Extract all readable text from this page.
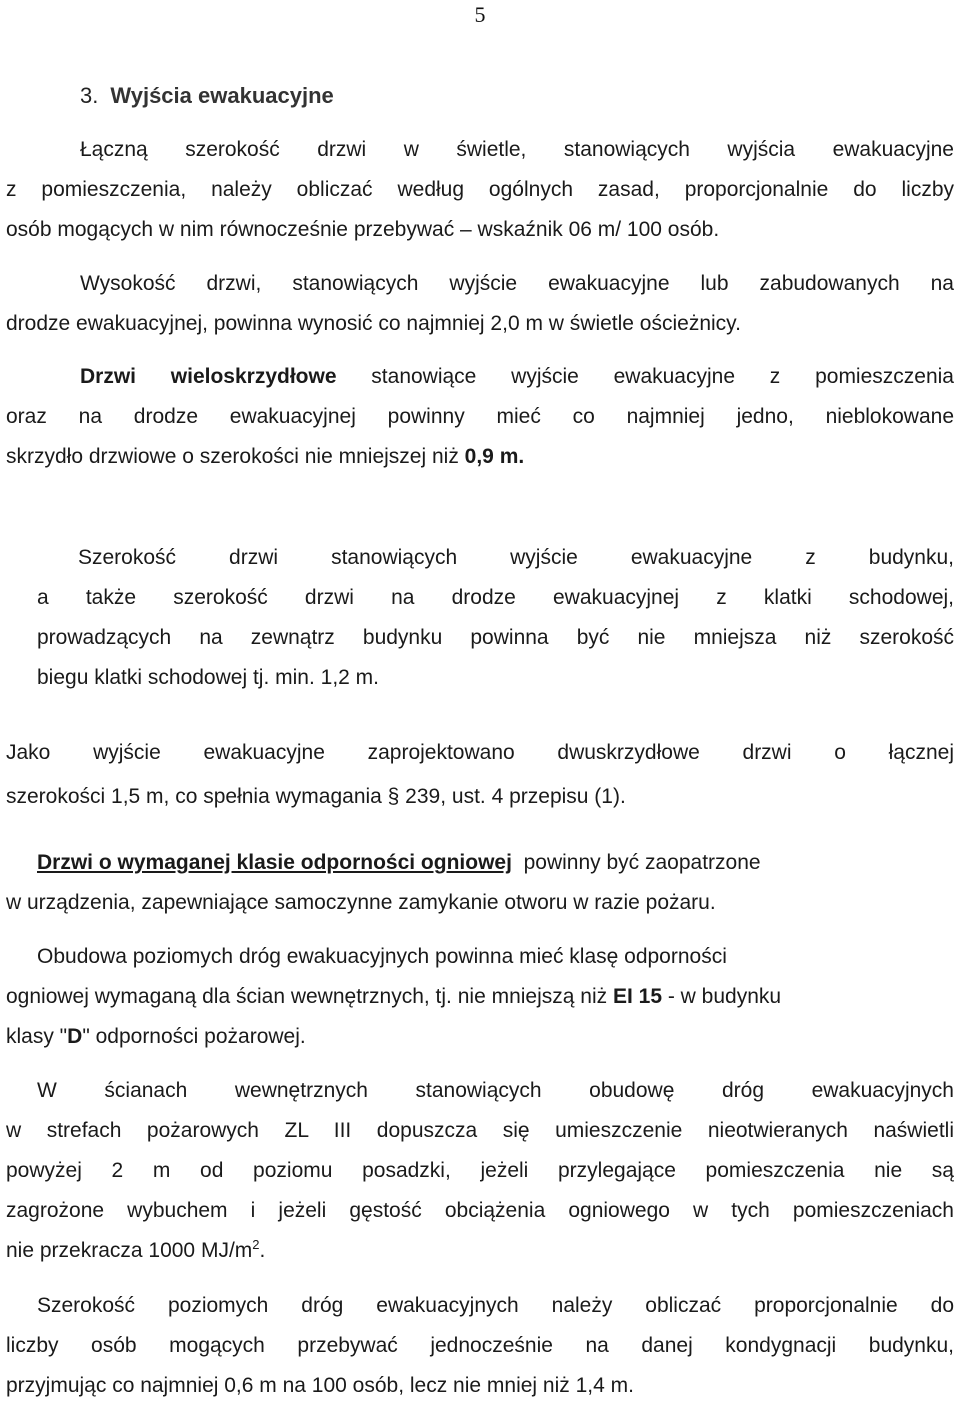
5
3. Wyjścia ewakuacyjne
Łączną szerokość drzwi w świetle, stanowiących wyjścia ewakuacyjne
z pomieszczenia, należy obliczać według ogólnych zasad, proporcjonalnie do liczby
osób mogących w nim równocześnie przebywać – wskaźnik 06 m/ 100 osób.
Wysokość drzwi, stanowiących wyjście ewakuacyjne lub zabudowanych na
drodze ewakuacyjnej, powinna wynosić co najmniej 2,0 m w świetle ościeżnicy.
Drzwi wieloskrzydłowe stanowiące wyjście ewakuacyjne z pomieszczenia
oraz na drodze ewakuacyjnej powinny mieć co najmniej jedno, nieblokowane
skrzydło drzwiowe o szerokości nie mniejszej niż 0,9 m.
Szerokość drzwi stanowiących wyjście ewakuacyjne z budynku,
a także szerokość drzwi na drodze ewakuacyjnej z klatki schodowej,
prowadzących na zewnątrz budynku powinna być nie mniejsza niż szerokość
biegu klatki schodowej tj. min. 1,2 m.
Jako wyjście ewakuacyjne zaprojektowano dwuskrzydłowe drzwi o łącznej
szerokości 1,5 m, co spełnia wymagania § 239, ust. 4 przepisu (1).
Drzwi o wymaganej klasie odporności ogniowej  powinny być zaopatrzone
w urządzenia, zapewniające samoczynne zamykanie otworu w razie pożaru.
Obudowa poziomych dróg ewakuacyjnych powinna mieć klasę odporności
ogniowej wymaganą dla ścian wewnętrznych, tj. nie mniejszą niż EI 15 - w budynku
klasy "D" odporności pożarowej.
W ścianach wewnętrznych stanowiących obudowę dróg ewakuacyjnych
w strefach pożarowych ZL III dopuszcza się umieszczenie nieotwieranych naświetli
powyżej 2 m od poziomu posadzki, jeżeli przylegające pomieszczenia nie są
zagrożone wybuchem i jeżeli gęstość obciążenia ogniowego w tych pomieszczeniach
nie przekracza 1000 $MJ/m^2$.
Szerokość poziomych dróg ewakuacyjnych należy obliczać proporcjonalnie do
liczby osób mogących przebywać jednocześnie na danej kondygnacji budynku,
przyjmując co najmniej 0,6 m na 100 osób, lecz nie mniej niż 1,4 m.
